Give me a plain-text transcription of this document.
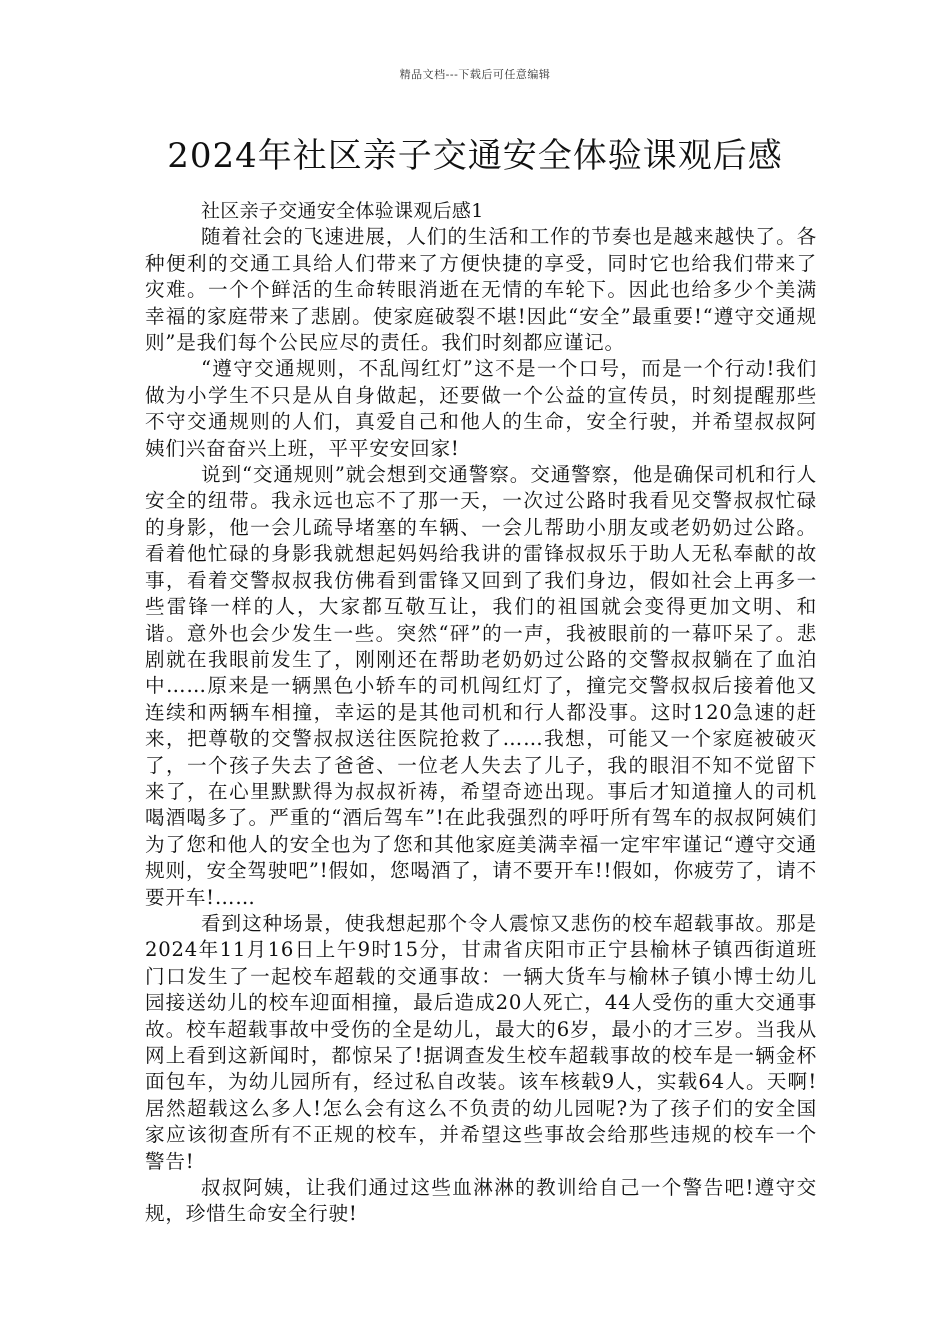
精品文档---下载后可任意编辑
2024年社区亲子交通安全体验课观后感

社区亲子交通安全体验课观后感1

随着社会的飞速进展，人们的生活和工作的节奏也是越来越快了。各种便利的交通工具给人们带来了方便快捷的享受，同时它也给我们带来了灾难。一个个鲜活的生命转眼消逝在无情的车轮下。因此也给多少个美满幸福的家庭带来了悲剧。使家庭破裂不堪!因此“安全”最重要!“遵守交通规则”是我们每个公民应尽的责任。我们时刻都应谨记。

“遵守交通规则，不乱闯红灯”这不是一个口号，而是一个行动!我们做为小学生不只是从自身做起，还要做一个公益的宣传员，时刻提醒那些不守交通规则的人们，真爱自己和他人的生命，安全行驶，并希望叔叔阿姨们兴奋奋兴上班，平平安安回家!

说到“交通规则”就会想到交通警察。交通警察，他是确保司机和行人安全的纽带。我永远也忘不了那一天，一次过公路时我看见交警叔叔忙碌的身影，他一会儿疏导堵塞的车辆、一会儿帮助小朋友或老奶奶过公路。看着他忙碌的身影我就想起妈妈给我讲的雷锋叔叔乐于助人无私奉献的故事，看着交警叔叔我仿佛看到雷锋又回到了我们身边，假如社会上再多一些雷锋一样的人，大家都互敬互让，我们的祖国就会变得更加文明、和谐。意外也会少发生一些。突然“砰”的一声，我被眼前的一幕吓呆了。悲剧就在我眼前发生了，刚刚还在帮助老奶奶过公路的交警叔叔躺在了血泊中……原来是一辆黑色小轿车的司机闯红灯了，撞完交警叔叔后接着他又连续和两辆车相撞，幸运的是其他司机和行人都没事。这时120急速的赶来，把尊敬的交警叔叔送往医院抢救了……我想，可能又一个家庭被破灭了，一个孩子失去了爸爸、一位老人失去了儿子，我的眼泪不知不觉留下来了，在心里默默得为叔叔祈祷，希望奇迹出现。事后才知道撞人的司机喝酒喝多了。严重的“酒后驾车”!在此我强烈的呼吁所有驾车的叔叔阿姨们为了您和他人的安全也为了您和其他家庭美满幸福一定牢牢谨记“遵守交通规则，安全驾驶吧”!假如，您喝酒了，请不要开车!!假如，你疲劳了，请不要开车!……

看到这种场景，使我想起那个令人震惊又悲伤的校车超载事故。那是2024年11月16日上午9时15分，甘肃省庆阳市正宁县榆林子镇西街道班门口发生了一起校车超载的交通事故：一辆大货车与榆林子镇小博士幼儿园接送幼儿的校车迎面相撞，最后造成20人死亡，44人受伤的重大交通事故。校车超载事故中受伤的全是幼儿，最大的6岁，最小的才三岁。当我从网上看到这新闻时，都惊呆了!据调查发生校车超载事故的校车是一辆金杯面包车，为幼儿园所有，经过私自改装。该车核载9人，实载64人。天啊!居然超载这么多人!怎么会有这么不负责的幼儿园呢?为了孩子们的安全国家应该彻查所有不正规的校车，并希望这些事故会给那些违规的校车一个警告!

叔叔阿姨，让我们通过这些血淋淋的教训给自己一个警告吧!遵守交规，珍惜生命安全行驶!
